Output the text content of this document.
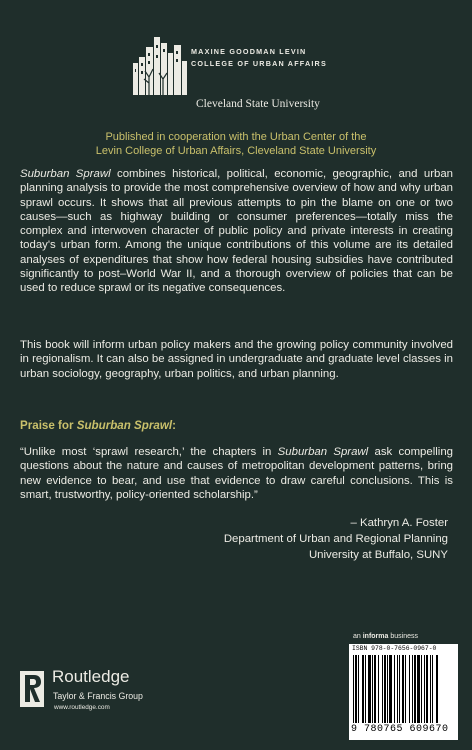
MAXINE GOODMAN LEVIN
COLLEGE OF URBAN AFFAIRS
Cleveland State University
Published in cooperation with the Urban Center of the
Levin College of Urban Affairs, Cleveland State University
Suburban Sprawl combines historical, political, economic, geographic, and urban planning analysis to provide the most comprehensive overview of how and why urban sprawl occurs. It shows that all previous attempts to pin the blame on one or two causes—such as highway building or consumer preferences—totally miss the complex and interwoven character of public policy and private interests in creating today's urban form. Among the unique contributions of this volume are its detailed analyses of expenditures that show how federal housing subsidies have contributed significantly to post–World War II, and a thorough overview of policies that can be used to reduce sprawl or its negative consequences.
This book will inform urban policy makers and the growing policy community involved in regionalism. It can also be assigned in undergraduate and graduate level classes in urban sociology, geography, urban politics, and urban planning.
Praise for Suburban Sprawl:
“Unlike most ‘sprawl research,’ the chapters in Suburban Sprawl ask compelling questions about the nature and causes of metropolitan development patterns, bring new evidence to bear, and use that evidence to draw careful conclusions. This is smart, trustworthy, policy-oriented scholarship.”
– Kathryn A. Foster
Department of Urban and Regional Planning
University at Buffalo, SUNY
an informa business
ISBN 978-0-7656-0967-0
9 780765 609670
Routledge
Taylor & Francis Group
www.routledge.com
